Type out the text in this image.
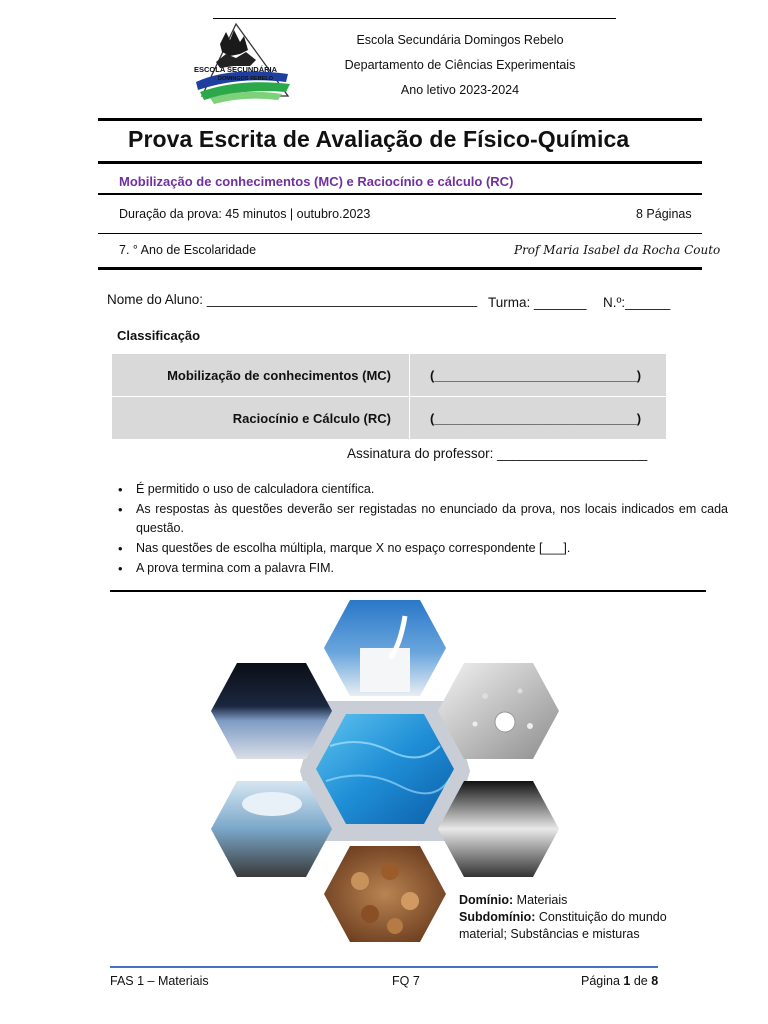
ESCOLA SECUNDÁRIA
DOMINGOS REBELO
Escola Secundária Domingos Rebelo
Departamento de Ciências Experimentais
Ano letivo 2023-2024
Prova Escrita de Avaliação de Físico-Química
Mobilização de conhecimentos (MC) e Raciocínio e cálculo (RC)
Duração da prova: 45 minutos | outubro.2023	8 Páginas
7. ° Ano de Escolaridade	Prof Maria Isabel da Rocha Couto
Nome do Aluno: ____________________________________ Turma: _______ N.º:______
Classificação
Mobilização de conhecimentos (MC)	(____________________________)
Raciocínio e Cálculo (RC)	(____________________________)
Assinatura do professor: ____________________
• É permitido o uso de calculadora científica.
• As respostas às questões deverão ser registadas no enunciado da prova, nos locais indicados em cada questão.
• Nas questões de escolha múltipla, marque X no espaço correspondente [___].
• A prova termina com a palavra FIM.
Domínio: Materiais
Subdomínio: Constituição do mundo material; Substâncias e misturas
FAS 1 – Materiais	FQ 7	Página 1 de 8
